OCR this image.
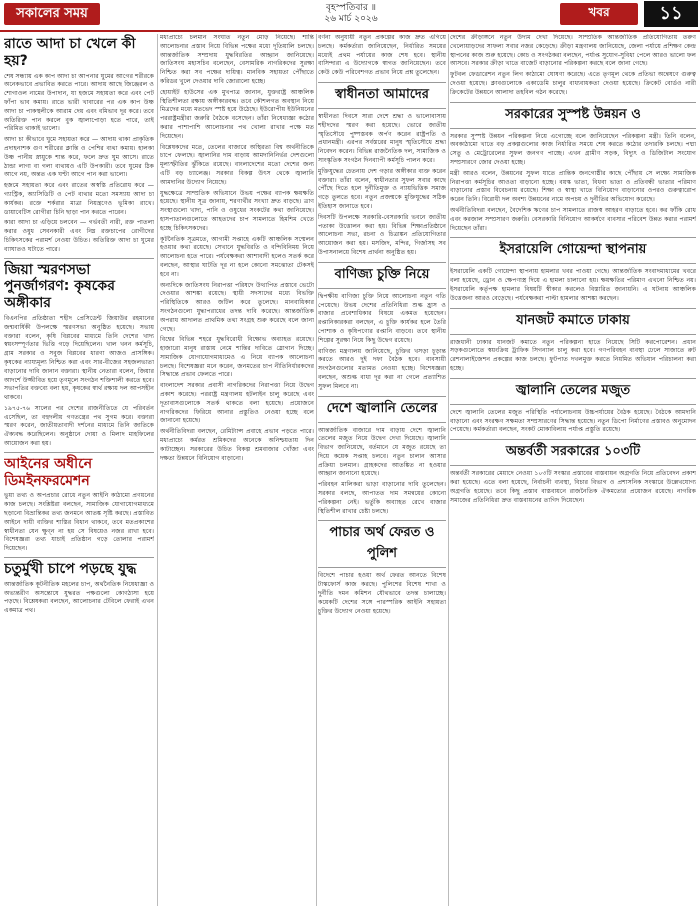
সকালের সময়	বৃহস্পতিবার ॥
২৬ মার্চ ২০২৬	খবর	১১
রাতে আদা চা খেলে কী হয়?

শেষ সন্ধ্যায় এক কাপ আদা চা আপনার ঘুমের আগের শরীরকে অনেকভাবে প্রভাবিত করতে পারে। আদায় আছে জিঞ্জেরল ও শোগাওল নামের উপাদান, যা হজমে সহায়তা করে এবং পেট ফাঁপা ভাব কমায়। রাতে ভারী খাবারের পর এক কাপ উষ্ণ আদা চা পাকস্থলীকে আরাম দেয় এবং বমিভাব দূর করে। তবে অতিরিক্ত পান করলে বুক জ্বালাপোড়া হতে পারে, তাই পরিমিত থাকাই ভালো।

আদা চা কীভাবে ঘুমে সহায়তা করে — আদায় থাকা প্রাকৃতিক প্রদাহনাশক গুণ শরীরের ক্লান্তি ও পেশির ব্যথা কমায়। হালকা উষ্ণ পানীয় স্নায়ুকে শান্ত করে, ফলে দ্রুত ঘুম আসে। রাতে ঠান্ডা লাগা বা গলা ব্যথায়ও এটি উপকারী। তবে ঘুমের ঠিক আগে নয়, অন্তত এক ঘণ্টা আগে পান করা ভালো।

হজমে সহায়তা করে এবং রাতের অস্বস্তি প্রতিরোধ করে — গ্যাস্ট্রিক, অ্যাসিডিটি ও পেট ব্যথার মতো সমস্যায় আদা চা কার্যকর। রক্তে শর্করার মাত্রা নিয়ন্ত্রণেও ভূমিকা রাখে। ডায়াবেটিস রোগীরা চিনি ছাড়া পান করতে পারেন।

কারা আদা চা এড়িয়ে চলবেন — গর্ভবতী নারী, রক্ত পাতলা করার ওষুধ সেবনকারী এবং নিম্ন রক্তচাপের রোগীদের চিকিৎসকের পরামর্শ নেওয়া উচিত। অতিরিক্ত আদা চা ঘুমের ব্যাঘাতও ঘটাতে পারে।

জিয়া স্মরণসভা পুনর্জাগরণ: কৃষকের অঙ্গীকার

বিএনপির প্রতিষ্ঠাতা শহীদ প্রেসিডেন্ট জিয়াউর রহমানের জন্মবার্ষিকী উপলক্ষে স্মরণসভা অনুষ্ঠিত হয়েছে। সভায় বক্তারা বলেন, কৃষি বিপ্লবের মাধ্যমে তিনি দেশের খাদ্য স্বয়ংসম্পূর্ণতার ভিত্তি গড়ে দিয়েছিলেন। খাল খনন কর্মসূচি, গ্রাম সরকার ও সবুজ বিপ্লবের ধারণা আজও প্রাসঙ্গিক। কৃষকের ন্যায্যমূল্য নিশ্চিত করা এবং সার-বীজের সহজলভ্যতা বাড়ানোর দাবি জানান বক্তারা। স্থানীয় নেতারা বলেন, জিয়ার আদর্শে উজ্জীবিত হয়ে তৃণমূলে সংগঠন শক্তিশালী করতে হবে। সভাপতির বক্তব্যে বলা হয়, কৃষকের স্বার্থ রক্ষায় দল আপসহীন থাকবে।

১৯৭৫-৭৬ সালের পর দেশের রাজনীতিতে যে পরিবর্তন এসেছিল, তা বহুদলীয় গণতন্ত্রের পথ সুগম করে। বক্তারা স্মরণ করেন, জাতীয়তাবাদী দর্শনের মাধ্যমে তিনি জাতিকে ঐক্যবদ্ধ করেছিলেন। অনুষ্ঠানে দোয়া ও মিলাদ মাহফিলের আয়োজন করা হয়।

আইনের অধীনে ডিমইনফরমেশন

ভুয়া তথ্য ও অপপ্রচার রোধে নতুন আইনি কাঠামো প্রণয়নের কাজ চলছে। সংশ্লিষ্টরা বলছেন, সামাজিক যোগাযোগমাধ্যমে ছড়ানো বিভ্রান্তিকর তথ্য জনমনে আতঙ্ক সৃষ্টি করছে। প্রস্তাবিত আইনে দায়ী ব্যক্তির শাস্তির বিধান থাকবে, তবে মতপ্রকাশের স্বাধীনতা যেন ক্ষুণ্ন না হয় সে বিষয়েও নজর রাখা হবে। বিশেষজ্ঞরা তথ্য যাচাই প্রতিষ্ঠান গড়ে তোলার পরামর্শ দিয়েছেন।

চতুর্মুখী চাপে পড়ছে যুদ্ধ

আন্তর্জাতিক কূটনীতিক মহলের চাপ, অর্থনৈতিক নিষেধাজ্ঞা ও অভ্যন্তরীণ অসন্তোষে যুদ্ধরত পক্ষগুলো কোণঠাসা হয়ে পড়ছে। বিশ্লেষকরা বলছেন, আলোচনার টেবিলে ফেরাই এখন একমাত্র পথ।

মধ্যপ্রাচ্যে চলমান সংঘাত নতুন মোড় নিয়েছে। শান্তি আলোচনার প্রস্তাব নিয়ে বিভিন্ন পক্ষের মধ্যে দূতিয়ালি চলছে। আন্তর্জাতিক সম্প্রদায় যুদ্ধবিরতির আহ্বান জানিয়েছে। জাতিসংঘ মহাসচিব বলেছেন, বেসামরিক নাগরিকদের সুরক্ষা নিশ্চিত করা সব পক্ষের দায়িত্ব। মানবিক সহায়তা পৌঁছাতে করিডর খুলে দেওয়ার দাবি জোরালো হচ্ছে।

হোয়াইট হাউসের এক মুখপাত্র জানান, যুক্তরাষ্ট্র আঞ্চলিক স্থিতিশীলতা রক্ষায় অঙ্গীকারবদ্ধ। তবে কৌশলগত অবস্থান নিয়ে মিত্রদের মধ্যে মতভেদ স্পষ্ট হয়ে উঠেছে। ইউরোপীয় ইউনিয়নের পররাষ্ট্রমন্ত্রীরা জরুরি বৈঠকে বসেছেন। তাঁরা নিষেধাজ্ঞা কঠোর করার পাশাপাশি আলোচনার পথ খোলা রাখার পক্ষে মত দিয়েছেন।

বিশ্লেষকদের মতে, তেলের বাজারে অস্থিরতা বিশ্ব অর্থনীতিকে চাপে ফেলছে। জ্বালানির দাম বাড়ায় আমদানিনির্ভর দেশগুলো মূল্যস্ফীতির ঝুঁকিতে রয়েছে। বাংলাদেশের মতো দেশের জন্য এটি বড় চ্যালেঞ্জ। সরকার বিকল্প উৎস থেকে জ্বালানি আমদানির উদ্যোগ নিয়েছে।

যুদ্ধক্ষেত্রে সাম্প্রতিক অভিযানে উভয় পক্ষের ব্যাপক ক্ষয়ক্ষতি হয়েছে। স্থানীয় সূত্র জানায়, শরণার্থীর সংখ্যা দ্রুত বাড়ছে। ত্রাণ সংস্থাগুলো খাদ্য, পানি ও ওষুধের সংকটের কথা জানিয়েছে। হাসপাতালগুলোতে আহতদের চাপ সামলাতে হিমশিম খেতে হচ্ছে চিকিৎসকদের।

কূটনৈতিক সূত্রমতে, আগামী সপ্তাহে একটি আঞ্চলিক সম্মেলন হওয়ার কথা রয়েছে। সেখানে যুদ্ধবিরতি ও বন্দিবিনিময় নিয়ে আলোচনা হতে পারে। পর্যবেক্ষকরা আশাবাদী হলেও সতর্ক করে বলছেন, আস্থার ঘাটতি দূর না হলে কোনো সমঝোতা টেকসই হবে না।

অন্যদিকে জাতিসংঘ নিরাপত্তা পরিষদে উত্থাপিত প্রস্তাবে ভেটো দেওয়ার আশঙ্কা রয়েছে। স্থায়ী সদস্যদের মধ্যে বিভক্তি পরিস্থিতিকে আরও জটিল করে তুলেছে। মানবাধিকার সংগঠনগুলো যুদ্ধাপরাধের তদন্ত দাবি করেছে। আন্তর্জাতিক অপরাধ আদালত প্রাথমিক তথ্য সংগ্রহ শুরু করেছে বলে জানা গেছে।

বিশ্বের বিভিন্ন শহরে যুদ্ধবিরোধী বিক্ষোভ অব্যাহত রয়েছে। হাজারো মানুষ রাস্তায় নেমে শান্তির দাবিতে স্লোগান দিচ্ছে। সামাজিক যোগাযোগমাধ্যমেও এ নিয়ে ব্যাপক আলোচনা চলছে। বিশেষজ্ঞরা মনে করেন, জনমতের চাপ নীতিনির্ধারকদের সিদ্ধান্তে প্রভাব ফেলতে পারে।

বাংলাদেশ সরকার প্রবাসী নাগরিকদের নিরাপত্তা নিয়ে উদ্বেগ প্রকাশ করেছে। পররাষ্ট্র মন্ত্রণালয় হটলাইন চালু করেছে এবং দূতাবাসগুলোকে সতর্ক থাকতে বলা হয়েছে। প্রয়োজনে নাগরিকদের ফিরিয়ে আনার প্রস্তুতিও নেওয়া হচ্ছে বলে জানানো হয়েছে।

অর্থনীতিবিদরা বলছেন, রেমিট্যান্স প্রবাহে প্রভাব পড়তে পারে। মধ্যপ্রাচ্যে কর্মরত শ্রমিকদের অনেকে অনিশ্চয়তায় দিন কাটাচ্ছেন। সরকারের উচিত বিকল্প শ্রমবাজার খোঁজা এবং দক্ষতা উন্নয়নে বিনিয়োগ বাড়ানো।

বর্ণনা অনুযায়ী নতুন প্রকল্পের কাজ দ্রুত এগিয়ে চলছে। কর্মকর্তারা জানিয়েছেন, নির্ধারিত সময়ের মধ্যেই প্রথম পর্যায়ের কাজ শেষ হবে। স্থানীয় বাসিন্দারা এ উদ্যোগকে স্বাগত জানিয়েছেন। তবে কেউ কেউ পরিবেশগত প্রভাব নিয়ে প্রশ্ন তুলেছেন।

স্বাধীনতা আমাদের

স্বাধীনতা দিবসে সারা দেশে শ্রদ্ধা ও ভালোবাসায় শহীদদের স্মরণ করা হয়েছে। ভোরে জাতীয় স্মৃতিসৌধে পুষ্পস্তবক অর্পণ করেন রাষ্ট্রপতি ও প্রধানমন্ত্রী। এরপর সর্বস্তরের মানুষ স্মৃতিসৌধে শ্রদ্ধা নিবেদন করেন। বিভিন্ন রাজনৈতিক দল, সামাজিক ও সাংস্কৃতিক সংগঠন দিনব্যাপী কর্মসূচি পালন করে।

মুক্তিযুদ্ধের চেতনায় দেশ গড়ার অঙ্গীকার ব্যক্ত করেন বক্তারা। তাঁরা বলেন, স্বাধীনতার সুফল সবার কাছে পৌঁছে দিতে হলে দুর্নীতিমুক্ত ও ন্যায়ভিত্তিক সমাজ গড়ে তুলতে হবে। নতুন প্রজন্মকে মুক্তিযুদ্ধের সঠিক ইতিহাস জানাতে হবে।

দিবসটি উপলক্ষে সরকারি-বেসরকারি ভবনে জাতীয় পতাকা উত্তোলন করা হয়। বিভিন্ন শিক্ষাপ্রতিষ্ঠানে আলোচনা সভা, রচনা ও চিত্রাঙ্কন প্রতিযোগিতার আয়োজন করা হয়। মসজিদ, মন্দির, গির্জাসহ সব উপাসনালয়ে বিশেষ প্রার্থনা অনুষ্ঠিত হয়।

বাণিজ্য চুক্তি নিয়ে

দ্বিপক্ষীয় বাণিজ্য চুক্তি নিয়ে আলোচনা নতুন গতি পেয়েছে। উভয় দেশের প্রতিনিধিরা শুল্ক হ্রাস ও বাজার প্রবেশাধিকার বিষয়ে একমত হয়েছেন। রপ্তানিকারকরা বলছেন, এ চুক্তি কার্যকর হলে তৈরি পোশাক ও কৃষিপণ্যের রপ্তানি বাড়বে। তবে স্থানীয় শিল্পের সুরক্ষা নিয়ে কিছু উদ্বেগ রয়েছে।

বাণিজ্য মন্ত্রণালয় জানিয়েছে, চুক্তির খসড়া চূড়ান্ত করতে আরও দুই দফা বৈঠক হবে। ব্যবসায়ী সংগঠনগুলোর মতামত নেওয়া হচ্ছে। বিশেষজ্ঞরা বলছেন, অশুল্ক বাধা দূর করা না গেলে প্রত্যাশিত সুফল মিলবে না।

দেশে জ্বালানি তেলের

আন্তর্জাতিক বাজারে দাম বাড়ায় দেশে জ্বালানি তেলের মজুত নিয়ে উদ্বেগ দেখা দিয়েছে। জ্বালানি বিভাগ জানিয়েছে, বর্তমানে যে মজুত রয়েছে তা দিয়ে কয়েক সপ্তাহ চলবে। নতুন চালান আসার প্রক্রিয়া চলমান। গ্রাহকদের আতঙ্কিত না হওয়ার আহ্বান জানানো হয়েছে।

পরিবহন মালিকরা ভাড়া বাড়ানোর দাবি তুলেছেন। সরকার বলছে, আপাতত দাম সমন্বয়ের কোনো পরিকল্পনা নেই। ভর্তুকি অব্যাহত রেখে বাজার স্থিতিশীল রাখার চেষ্টা চলছে।

পাচার অর্থ ফেরত ও পুলিশ

বিদেশে পাচার হওয়া অর্থ ফেরত আনতে বিশেষ টাস্কফোর্স কাজ করছে। পুলিশের বিশেষ শাখা ও দুর্নীতি দমন কমিশন যৌথভাবে তদন্ত চালাচ্ছে। কয়েকটি দেশের সঙ্গে পারস্পরিক আইনি সহায়তা চুক্তির উদ্যোগ নেওয়া হয়েছে।

দেশের ক্রীড়াঙ্গনে নতুন উদ্যম দেখা দিয়েছে। সাম্প্রতিক আন্তর্জাতিক প্রতিযোগিতায় তরুণ খেলোয়াড়দের সাফল্য সবার নজর কেড়েছে। ক্রীড়া মন্ত্রণালয় জানিয়েছে, জেলা পর্যায়ে প্রশিক্ষণ কেন্দ্র স্থাপনের কাজ শুরু হয়েছে। কোচ ও সংগঠকরা বলছেন, পর্যাপ্ত সুযোগ-সুবিধা পেলে আরও ভালো ফল আসবে। সরকার ক্রীড়া খাতে বাজেট বাড়ানোর পরিকল্পনা করছে বলে জানা গেছে।

ফুটবল ফেডারেশন নতুন লিগ কাঠামো ঘোষণা করেছে। এতে তৃণমূল থেকে প্রতিভা অন্বেষণে গুরুত্ব দেওয়া হয়েছে। ক্লাবগুলোকে একাডেমি চালুর বাধ্যবাধকতা দেওয়া হয়েছে। ক্রিকেট বোর্ডও নারী ক্রিকেটের উন্নয়নে আলাদা তহবিল গঠন করেছে।

সরকারের সুস্পষ্ট উন্নয়ন ও

সরকার সুস্পষ্ট উন্নয়ন পরিকল্পনা নিয়ে এগোচ্ছে বলে জানিয়েছেন পরিকল্পনা মন্ত্রী। তিনি বলেন, অবকাঠামো খাতে বড় প্রকল্পগুলোর কাজ নির্ধারিত সময়ে শেষ করতে কঠোর তদারকি চলছে। পদ্মা সেতু ও মেট্রোরেলের সুফল জনগণ পাচ্ছে। এখন গ্রামীণ সড়ক, বিদ্যুৎ ও ডিজিটাল সংযোগ সম্প্রসারণে জোর দেওয়া হচ্ছে।

মন্ত্রী আরও বলেন, উন্নয়নের সুফল যাতে প্রান্তিক জনগোষ্ঠীর কাছে পৌঁছায় সে লক্ষ্যে সামাজিক নিরাপত্তা কর্মসূচির আওতা বাড়ানো হচ্ছে। বয়স্ক ভাতা, বিধবা ভাতা ও প্রতিবন্ধী ভাতার পরিমাণ বাড়ানোর প্রস্তাব বিবেচনায় রয়েছে। শিক্ষা ও স্বাস্থ্য খাতে বিনিয়োগ বাড়ানোর ওপরও গুরুত্বারোপ করেন তিনি। বিরোধী দল অবশ্য উন্নয়নের নামে অপচয় ও দুর্নীতির অভিযোগ করেছে।

অর্থনীতিবিদরা বলছেন, বৈদেশিক ঋণের চাপ সামলাতে রাজস্ব আহরণ বাড়াতে হবে। কর ফাঁকি রোধ এবং করজাল সম্প্রসারণ জরুরি। বেসরকারি বিনিয়োগ আকর্ষণে ব্যবসার পরিবেশ উন্নত করার পরামর্শ দিয়েছেন তাঁরা।

ইসরায়েলি গোয়েন্দা স্থাপনায়

ইসরায়েলি একটি গোয়েন্দা স্থাপনায় হামলার খবর পাওয়া গেছে। আন্তর্জাতিক সংবাদমাধ্যমের খবরে বলা হয়েছে, ড্রোন ও ক্ষেপণাস্ত্র দিয়ে এ হামলা চালানো হয়। ক্ষয়ক্ষতির পরিমাণ এখনো নিশ্চিত নয়। ইসরায়েলি কর্তৃপক্ষ হামলার বিষয়টি স্বীকার করলেও বিস্তারিত জানায়নি। এ ঘটনায় আঞ্চলিক উত্তেজনা আরও বেড়েছে। পর্যবেক্ষকরা পাল্টা হামলার আশঙ্কা করছেন।

যানজট কমাতে ঢাকায়

রাজধানী ঢাকার যানজট কমাতে নতুন পরিকল্পনা হাতে নিয়েছে সিটি করপোরেশন। প্রধান সড়কগুলোতে স্বয়ংক্রিয় ট্রাফিক সিগন্যাল চালু করা হবে। গণপরিবহন ব্যবস্থা ঢেলে সাজাতে রুট রেশনালাইজেশন প্রকল্পের কাজ চলছে। ফুটপাত দখলমুক্ত করতে নিয়মিত অভিযান পরিচালনা করা হচ্ছে।

জ্বালানি তেলের মজুত

দেশে জ্বালানি তেলের মজুত পরিস্থিতি পর্যালোচনায় উচ্চপর্যায়ের বৈঠক হয়েছে। বৈঠকে আমদানি বাড়ানো এবং সংরক্ষণ সক্ষমতা সম্প্রসারণের সিদ্ধান্ত হয়েছে। নতুন ডিপো নির্মাণের প্রস্তাবও অনুমোদন পেয়েছে। কর্মকর্তারা বলছেন, সংকট মোকাবিলায় পর্যাপ্ত প্রস্তুতি রয়েছে।

অন্তর্বর্তী সরকারের ১০৩টি

অন্তর্বর্তী সরকারের মেয়াদে নেওয়া ১০৩টি সংস্কার প্রস্তাবের বাস্তবায়ন অগ্রগতি নিয়ে প্রতিবেদন প্রকাশ করা হয়েছে। এতে বলা হয়েছে, নির্বাচনী ব্যবস্থা, বিচার বিভাগ ও প্রশাসনিক সংস্কারে উল্লেখযোগ্য অগ্রগতি হয়েছে। তবে কিছু প্রস্তাব বাস্তবায়নে রাজনৈতিক ঐকমত্যের প্রয়োজন রয়েছে। নাগরিক সমাজের প্রতিনিধিরা দ্রুত বাস্তবায়নের তাগিদ দিয়েছেন।
